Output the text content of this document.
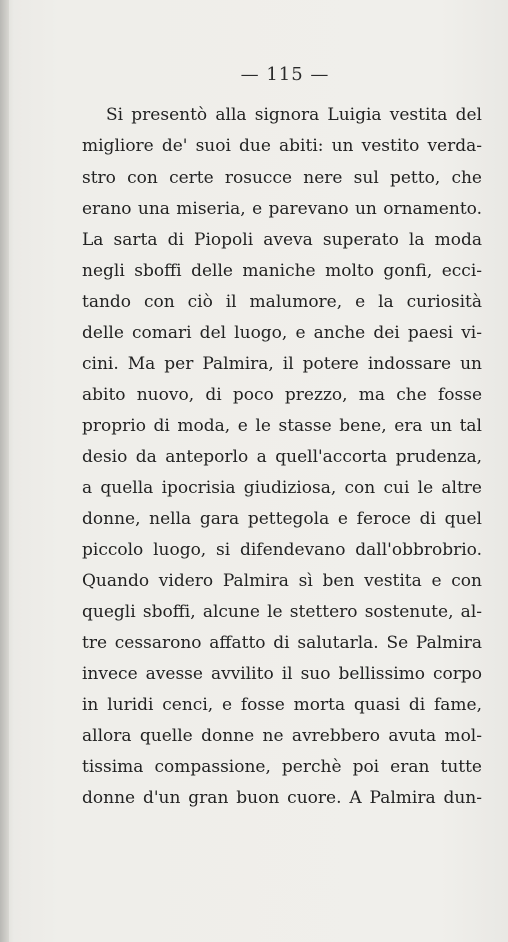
— 115 —
Si presentò alla signora Luigia vestita del
migliore de' suoi due abiti: un vestito verda-
stro con certe rosucce nere sul petto, che
erano una miseria, e parevano un ornamento.
La sarta di Piopoli aveva superato la moda
negli sboffi delle maniche molto gonfi, ecci-
tando con ciò il malumore, e la curiosità
delle comari del luogo, e anche dei paesi vi-
cini. Ma per Palmira, il potere indossare un
abito nuovo, di poco prezzo, ma che fosse
proprio di moda, e le stasse bene, era un tal
desio da anteporlo a quell'accorta prudenza,
a quella ipocrisia giudiziosa, con cui le altre
donne, nella gara pettegola e feroce di quel
piccolo luogo, si difendevano dall'obbrobrio.
Quando videro Palmira sì ben vestita e con
quegli sboffi, alcune le stettero sostenute, al-
tre cessarono affatto di salutarla. Se Palmira
invece avesse avvilito il suo bellissimo corpo
in luridi cenci, e fosse morta quasi di fame,
allora quelle donne ne avrebbero avuta mol-
tissima compassione, perchè poi eran tutte
donne d'un gran buon cuore. A Palmira dun-
